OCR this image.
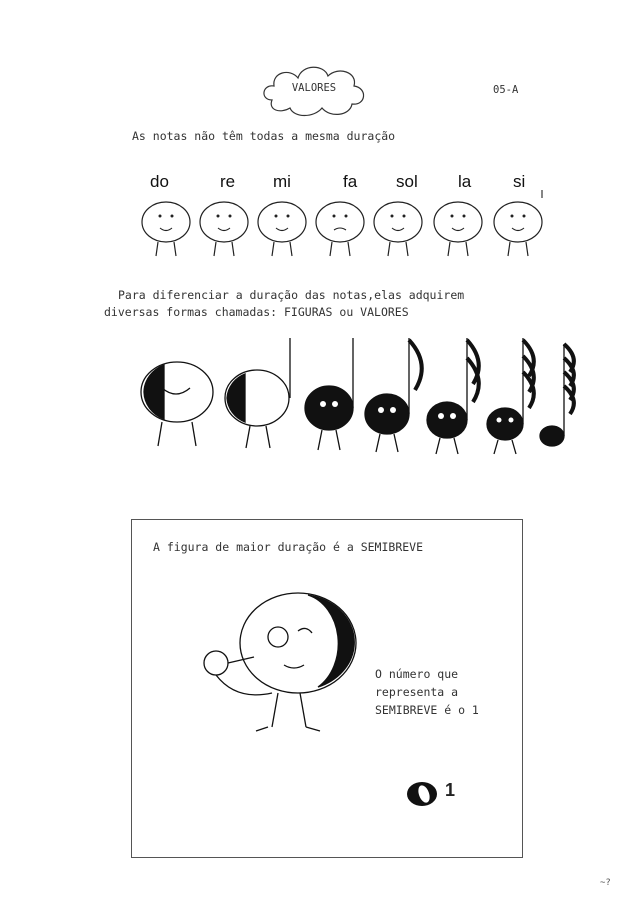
VALORES	05-A
As notas não têm todas a mesma duração
do	re mi	fa sol la si
Para diferenciar a duração das notas,elas adquirem
diversas formas chamadas: FIGURAS ou VALORES
A figura de maior duração é a SEMIBREVE
O número que
representa a
SEMIBREVE é o 1
1
~?
